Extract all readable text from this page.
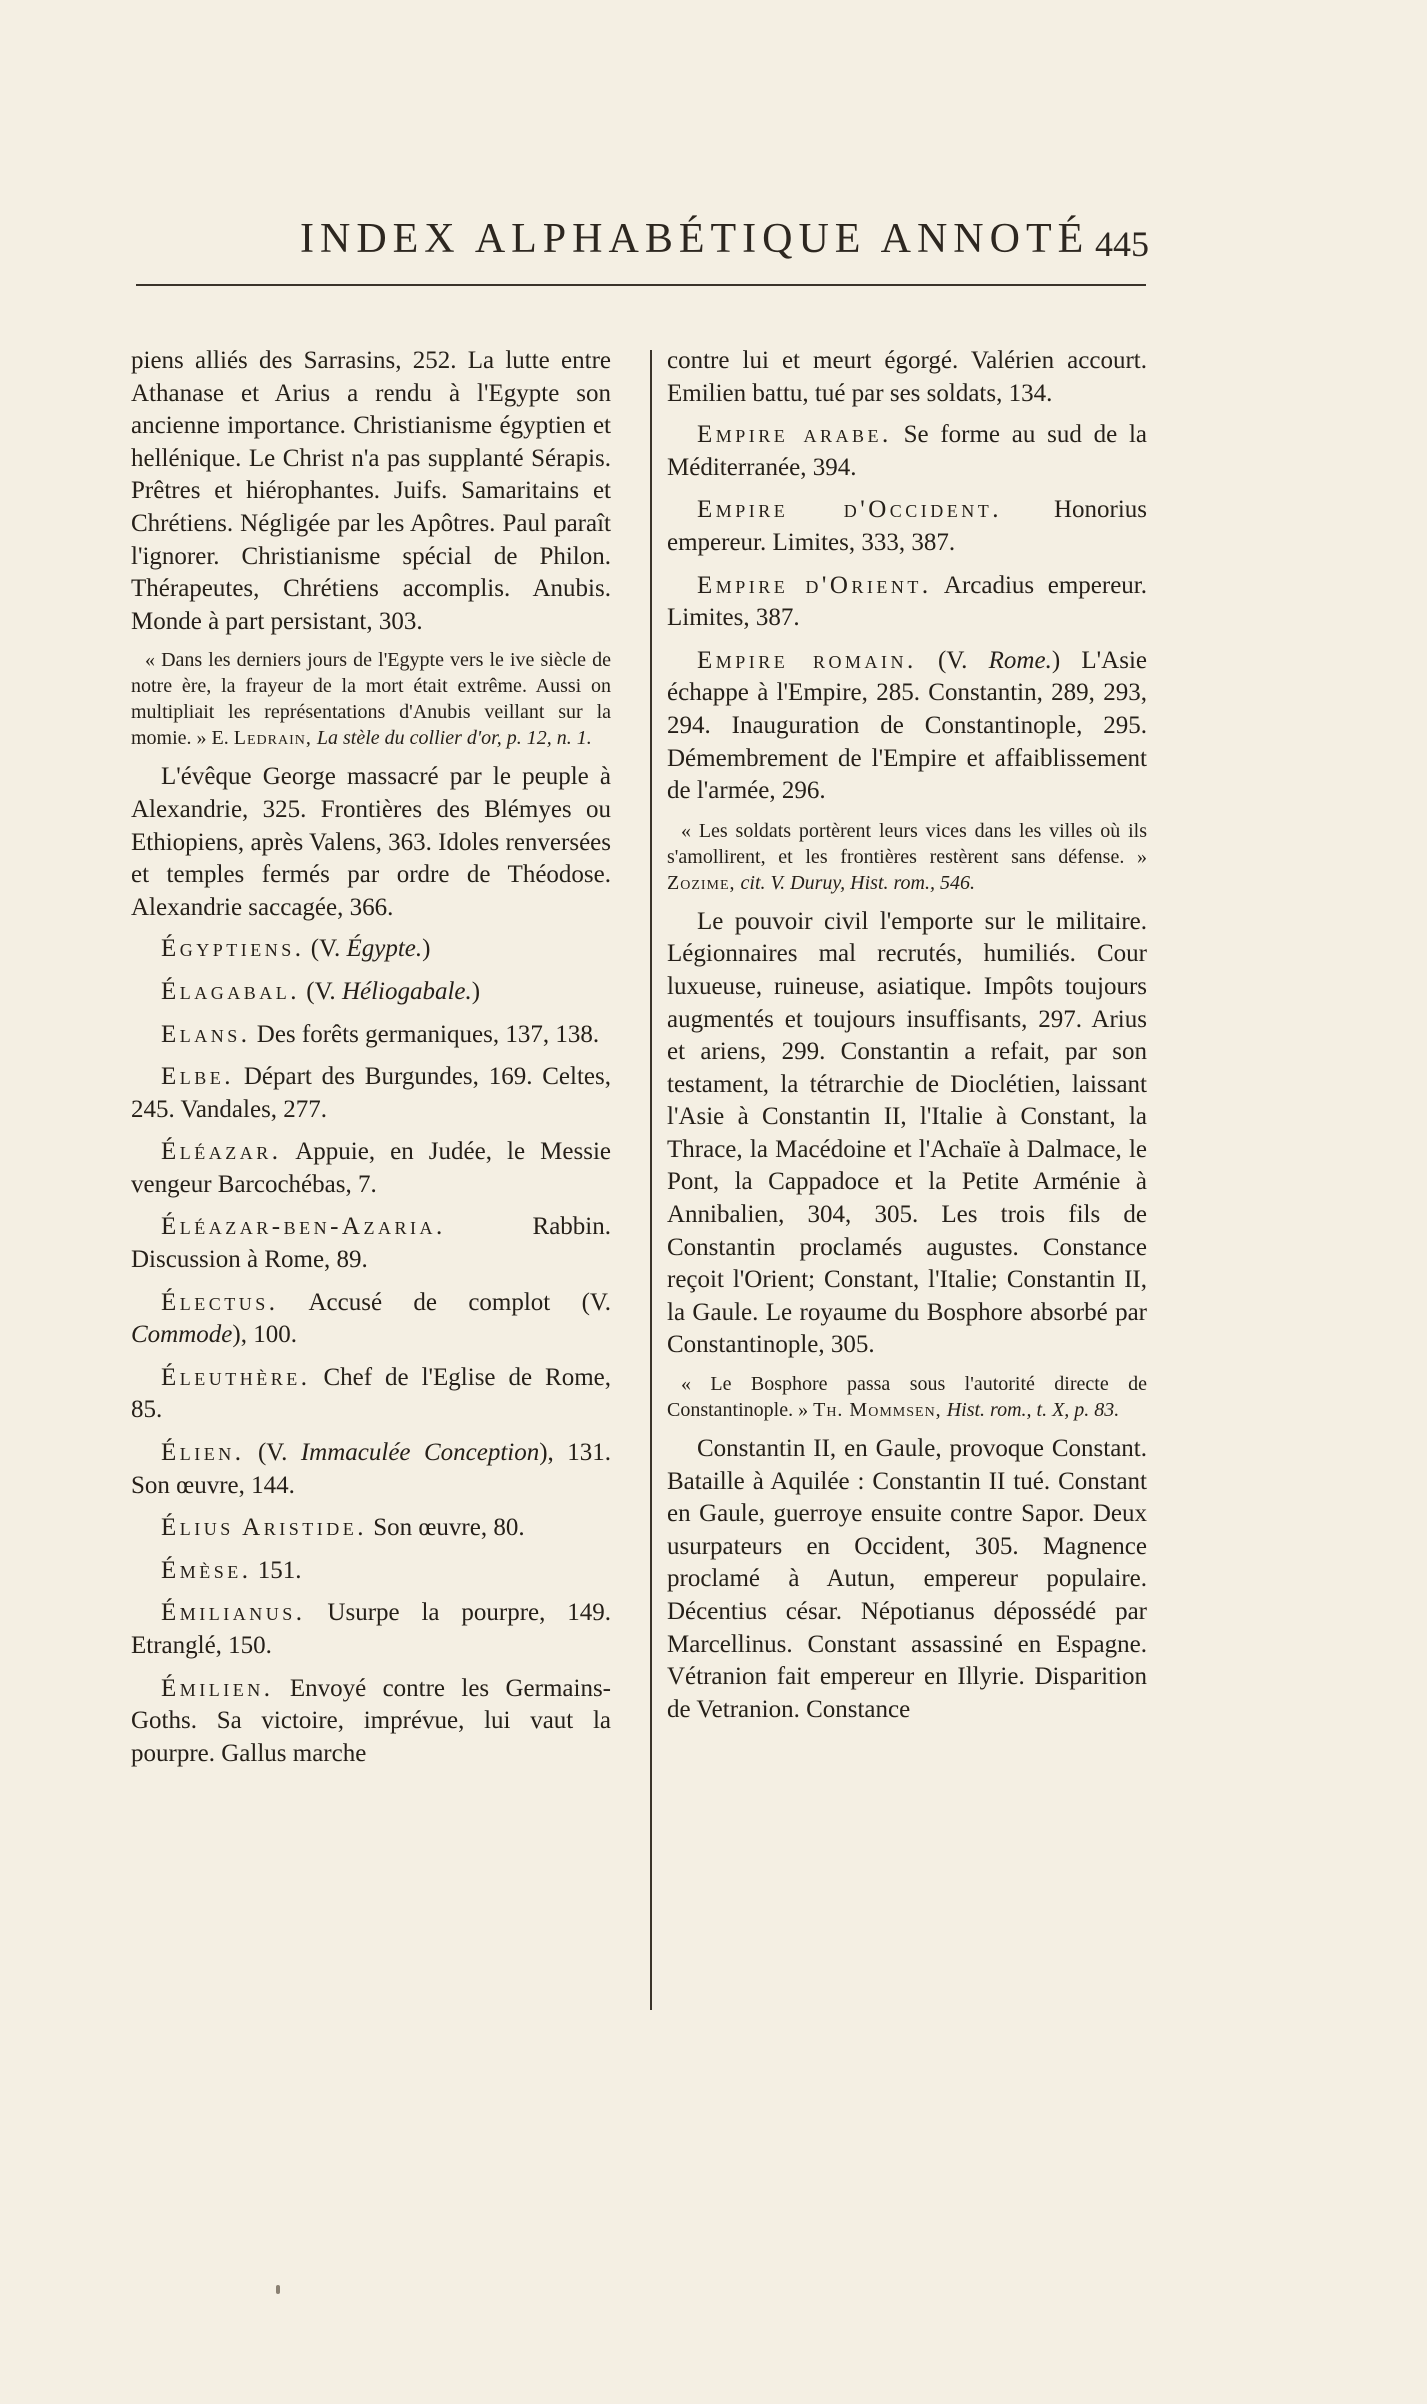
INDEX ALPHABÉTIQUE ANNOTÉ 445

piens alliés des Sarrasins, 252. La lutte entre Athanase et Arius a rendu à l'Egypte son ancienne importance. Christianisme égyptien et hellénique. Le Christ n'a pas supplanté Sérapis. Prêtres et hiérophantes. Juifs. Samaritains et Chrétiens. Négligée par les Apôtres. Paul paraît l'ignorer. Christianisme spécial de Philon. Thérapeutes, Chrétiens accomplis. Anubis. Monde à part persistant, 303.

« Dans les derniers jours de l'Egypte vers le ive siècle de notre ère, la frayeur de la mort était extrême. Aussi on multipliait les représentations d'Anubis veillant sur la momie. » E. Ledrain, La stèle du collier d'or, p. 12, n. 1.

L'évêque George massacré par le peuple à Alexandrie, 325. Frontières des Blémyes ou Ethiopiens, après Valens, 363. Idoles renversées et temples fermés par ordre de Théodose. Alexandrie saccagée, 366.

Égyptiens. (V. Égypte.)

Élagabal. (V. Héliogabale.)

Elans. Des forêts germaniques, 137, 138.

Elbe. Départ des Burgundes, 169. Celtes, 245. Vandales, 277.

Éléazar. Appuie, en Judée, le Messie vengeur Barcochébas, 7.

Éléazar-ben-Azaria.	Rabbin. Discussion à Rome, 89.

Électus. Accusé de complot (V. Commode), 100.

Éleuthère. Chef de l'Eglise de Rome, 85.

Élien. (V. Immaculée Conception), 131. Son œuvre, 144.

Élius Aristide. Son œuvre, 80.

Émèse. 151.

Émilianus. Usurpe la pourpre, 149. Etranglé, 150.

Émilien. Envoyé contre les Germains-Goths. Sa victoire, imprévue, lui vaut la pourpre. Gallus marche

contre lui et meurt égorgé. Valérien accourt. Emilien battu, tué par ses soldats, 134.

Empire arabe. Se forme au sud de la Méditerranée, 394.

Empire d'Occident. Honorius empereur. Limites, 333, 387.

Empire d'Orient. Arcadius empereur. Limites, 387.

Empire romain. (V. Rome.) L'Asie échappe à l'Empire, 285. Constantin, 289, 293, 294. Inauguration de Constantinople, 295. Démembrement de l'Empire et affaiblissement de l'armée, 296.

« Les soldats portèrent leurs vices dans les villes où ils s'amollirent, et les frontières restèrent sans défense. » Zozime, cit. V. Duruy, Hist. rom., 546.

Le pouvoir civil l'emporte sur le militaire. Légionnaires mal recrutés, humiliés. Cour luxueuse, ruineuse, asiatique. Impôts toujours augmentés et toujours insuffisants, 297. Arius et ariens, 299. Constantin a refait, par son testament, la tétrarchie de Dioclétien, laissant l'Asie à Constantin II, l'Italie à Constant, la Thrace, la Macédoine et l'Achaïe à Dalmace, le Pont, la Cappadoce et la Petite Arménie à Annibalien, 304, 305. Les trois fils de Constantin proclamés augustes. Constance reçoit l'Orient; Constant, l'Italie; Constantin II, la Gaule. Le royaume du Bosphore absorbé par Constantinople, 305.

« Le Bosphore passa sous l'autorité directe de Constantinople. » Th. Mommsen, Hist. rom., t. X, p. 83.

Constantin II, en Gaule, provoque Constant. Bataille à Aquilée : Constantin II tué. Constant en Gaule, guerroye ensuite contre Sapor. Deux usurpateurs en Occident, 305. Magnence proclamé à Autun, empereur populaire. Décentius césar. Népotianus dépossédé par Marcellinus. Constant assassiné en Espagne. Vétranion fait empereur en Illyrie. Disparition de Vetranion. Constance
